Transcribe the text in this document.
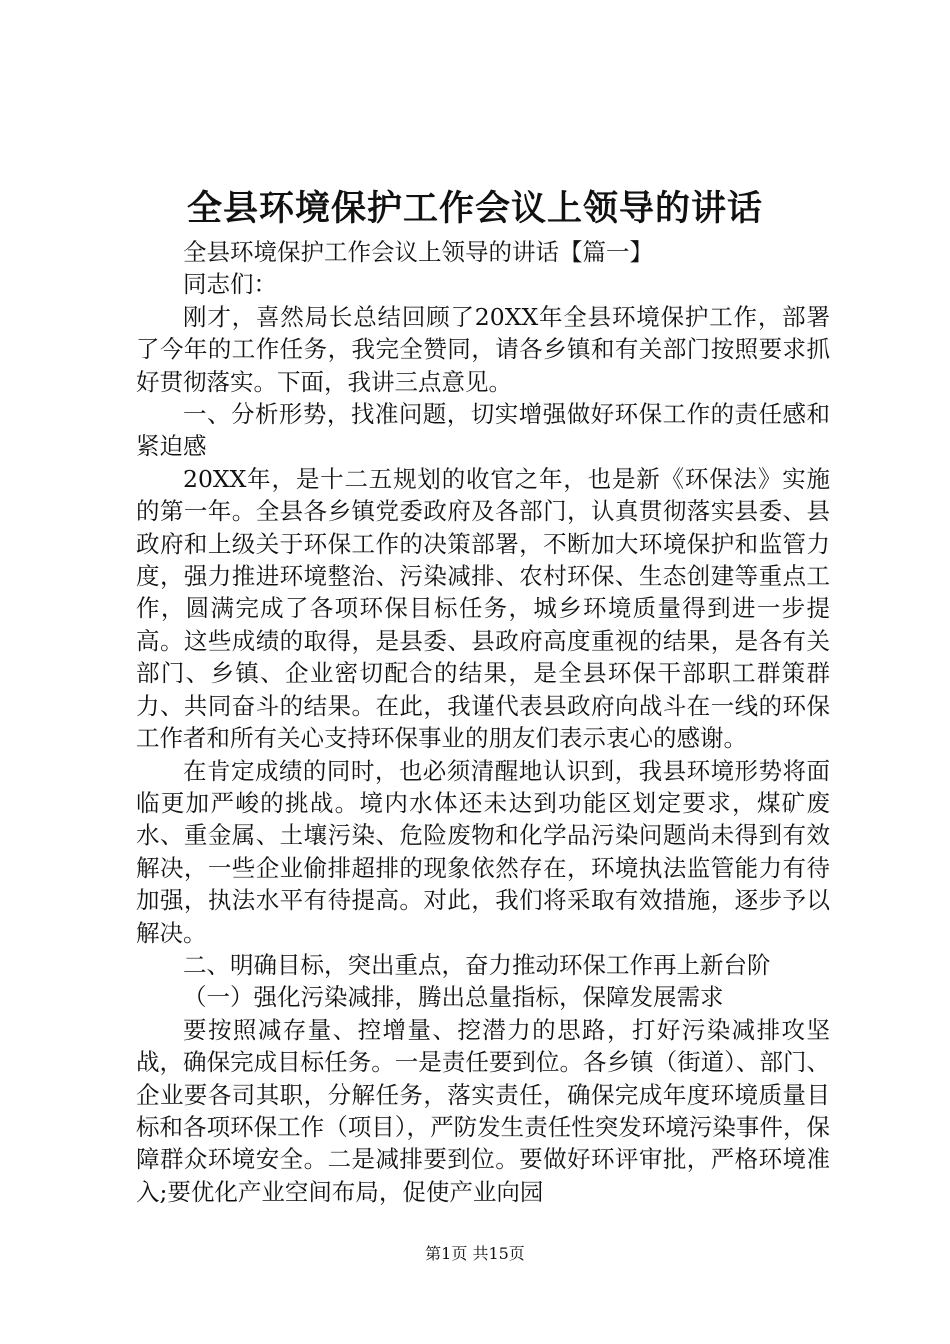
全县环境保护工作会议上领导的讲话

全县环境保护工作会议上领导的讲话【篇一】

同志们：

刚才，喜然局长总结回顾了20XX年全县环境保护工作，部署了今年的工作任务，我完全赞同，请各乡镇和有关部门按照要求抓好贯彻落实。下面，我讲三点意见。

一、分析形势，找准问题，切实增强做好环保工作的责任感和紧迫感

20XX年，是十二五规划的收官之年，也是新《环保法》实施的第一年。全县各乡镇党委政府及各部门，认真贯彻落实县委、县政府和上级关于环保工作的决策部署，不断加大环境保护和监管力度，强力推进环境整治、污染减排、农村环保、生态创建等重点工作，圆满完成了各项环保目标任务，城乡环境质量得到进一步提高。这些成绩的取得，是县委、县政府高度重视的结果，是各有关部门、乡镇、企业密切配合的结果，是全县环保干部职工群策群力、共同奋斗的结果。在此，我谨代表县政府向战斗在一线的环保工作者和所有关心支持环保事业的朋友们表示衷心的感谢。

在肯定成绩的同时，也必须清醒地认识到，我县环境形势将面临更加严峻的挑战。境内水体还未达到功能区划定要求，煤矿废水、重金属、土壤污染、危险废物和化学品污染问题尚未得到有效解决，一些企业偷排超排的现象依然存在，环境执法监管能力有待加强，执法水平有待提高。对此，我们将采取有效措施，逐步予以解决。

二、明确目标，突出重点，奋力推动环保工作再上新台阶

（一）强化污染减排，腾出总量指标，保障发展需求

要按照减存量、控增量、挖潜力的思路，打好污染减排攻坚战，确保完成目标任务。一是责任要到位。各乡镇（街道）、部门、企业要各司其职，分解任务，落实责任，确保完成年度环境质量目标和各项环保工作（项目），严防发生责任性突发环境污染事件，保障群众环境安全。二是减排要到位。要做好环评审批，严格环境准入;要优化产业空间布局，促使产业向园

第1页 共15页
